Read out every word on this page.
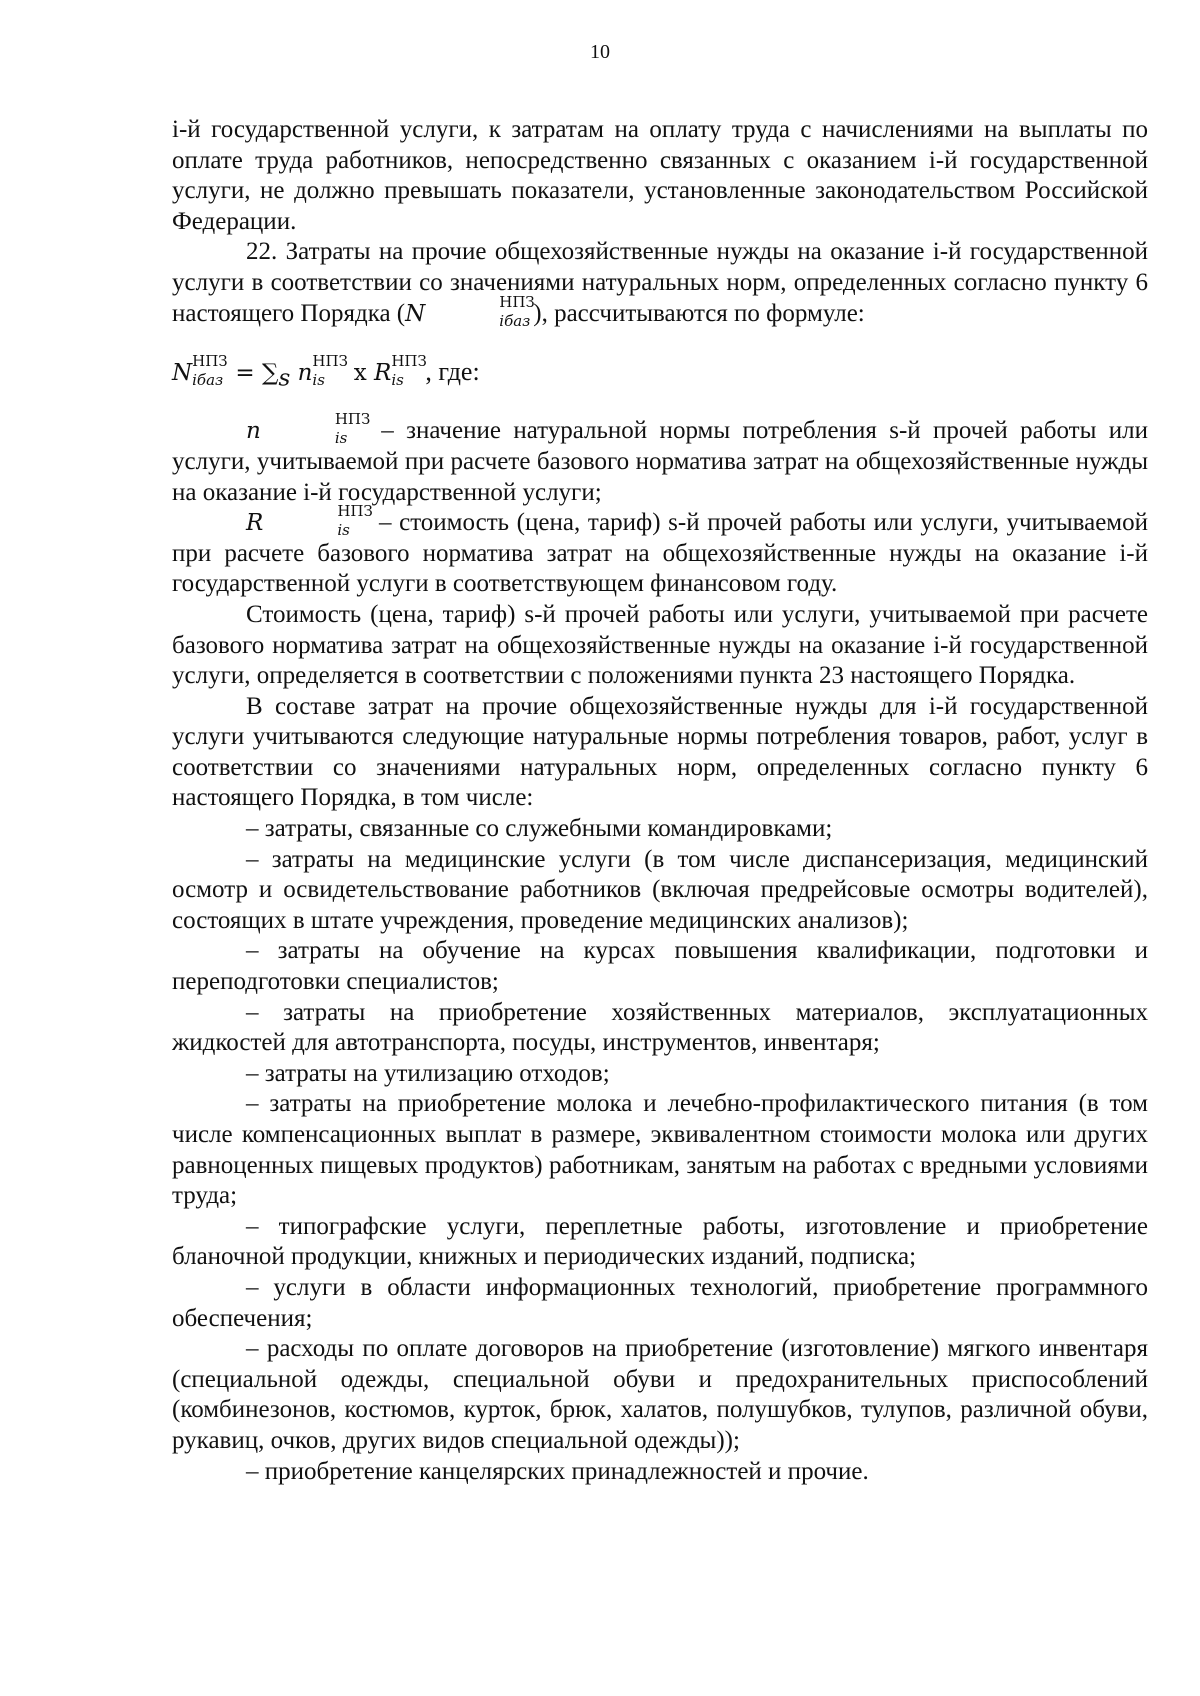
10

i-й государственной услуги, к затратам на оплату труда с начислениями на выплаты по оплате труда работников, непосредственно связанных с оказанием i-й государственной услуги, не должно превышать показатели, установленные законодательством Российской Федерации.

22. Затраты на прочие общехозяйственные нужды на оказание i-й государственной услуги в соответствии со значениями натуральных норм, определенных согласно пункту 6 настоящего Порядка (N	НПЗ
iбаз ), рассчитываются по формуле:

N НПЗ
iбаз = $\sum_s$ n НПЗ
is x R НПЗ
is , где:

n	НПЗ
is – значение натуральной нормы потребления s-й прочей работы или услуги, учитываемой при расчете базового норматива затрат на общехозяйственные нужды на оказание i-й государственной услуги;

R	НПЗ
is – стоимость (цена, тариф) s-й прочей работы или услуги, учитываемой при расчете базового норматива затрат на общехозяйственные нужды на оказание i-й государственной услуги в соответствующем финансовом году.

Стоимость (цена, тариф) s-й прочей работы или услуги, учитываемой при расчете базового норматива затрат на общехозяйственные нужды на оказание i-й государственной услуги, определяется в соответствии с положениями пункта 23 настоящего Порядка.

В составе затрат на прочие общехозяйственные нужды для i-й государственной услуги учитываются следующие натуральные нормы потребления товаров, работ, услуг в соответствии со значениями натуральных норм, определенных согласно пункту 6 настоящего Порядка, в том числе:

– затраты, связанные со служебными командировками;

– затраты на медицинские услуги (в том числе диспансеризация, медицинский осмотр и освидетельствование работников (включая предрейсовые осмотры водителей), состоящих в штате учреждения, проведение медицинских анализов);

– затраты на обучение на курсах повышения квалификации, подготовки и переподготовки специалистов;

– затраты на приобретение хозяйственных материалов, эксплуатационных жидкостей для автотранспорта, посуды, инструментов, инвентаря;

– затраты на утилизацию отходов;

– затраты на приобретение молока и лечебно-профилактического питания (в том числе компенсационных выплат в размере, эквивалентном стоимости молока или других равноценных пищевых продуктов) работникам, занятым на работах с вредными условиями труда;

– типографские услуги, переплетные работы, изготовление и приобретение бланочной продукции, книжных и периодических изданий, подписка;

– услуги в области информационных технологий, приобретение программного обеспечения;

– расходы по оплате договоров на приобретение (изготовление) мягкого инвентаря (специальной одежды, специальной обуви и предохранительных приспособлений (комбинезонов, костюмов, курток, брюк, халатов, полушубков, тулупов, различной обуви, рукавиц, очков, других видов специальной одежды));

– приобретение канцелярских принадлежностей и прочие.
